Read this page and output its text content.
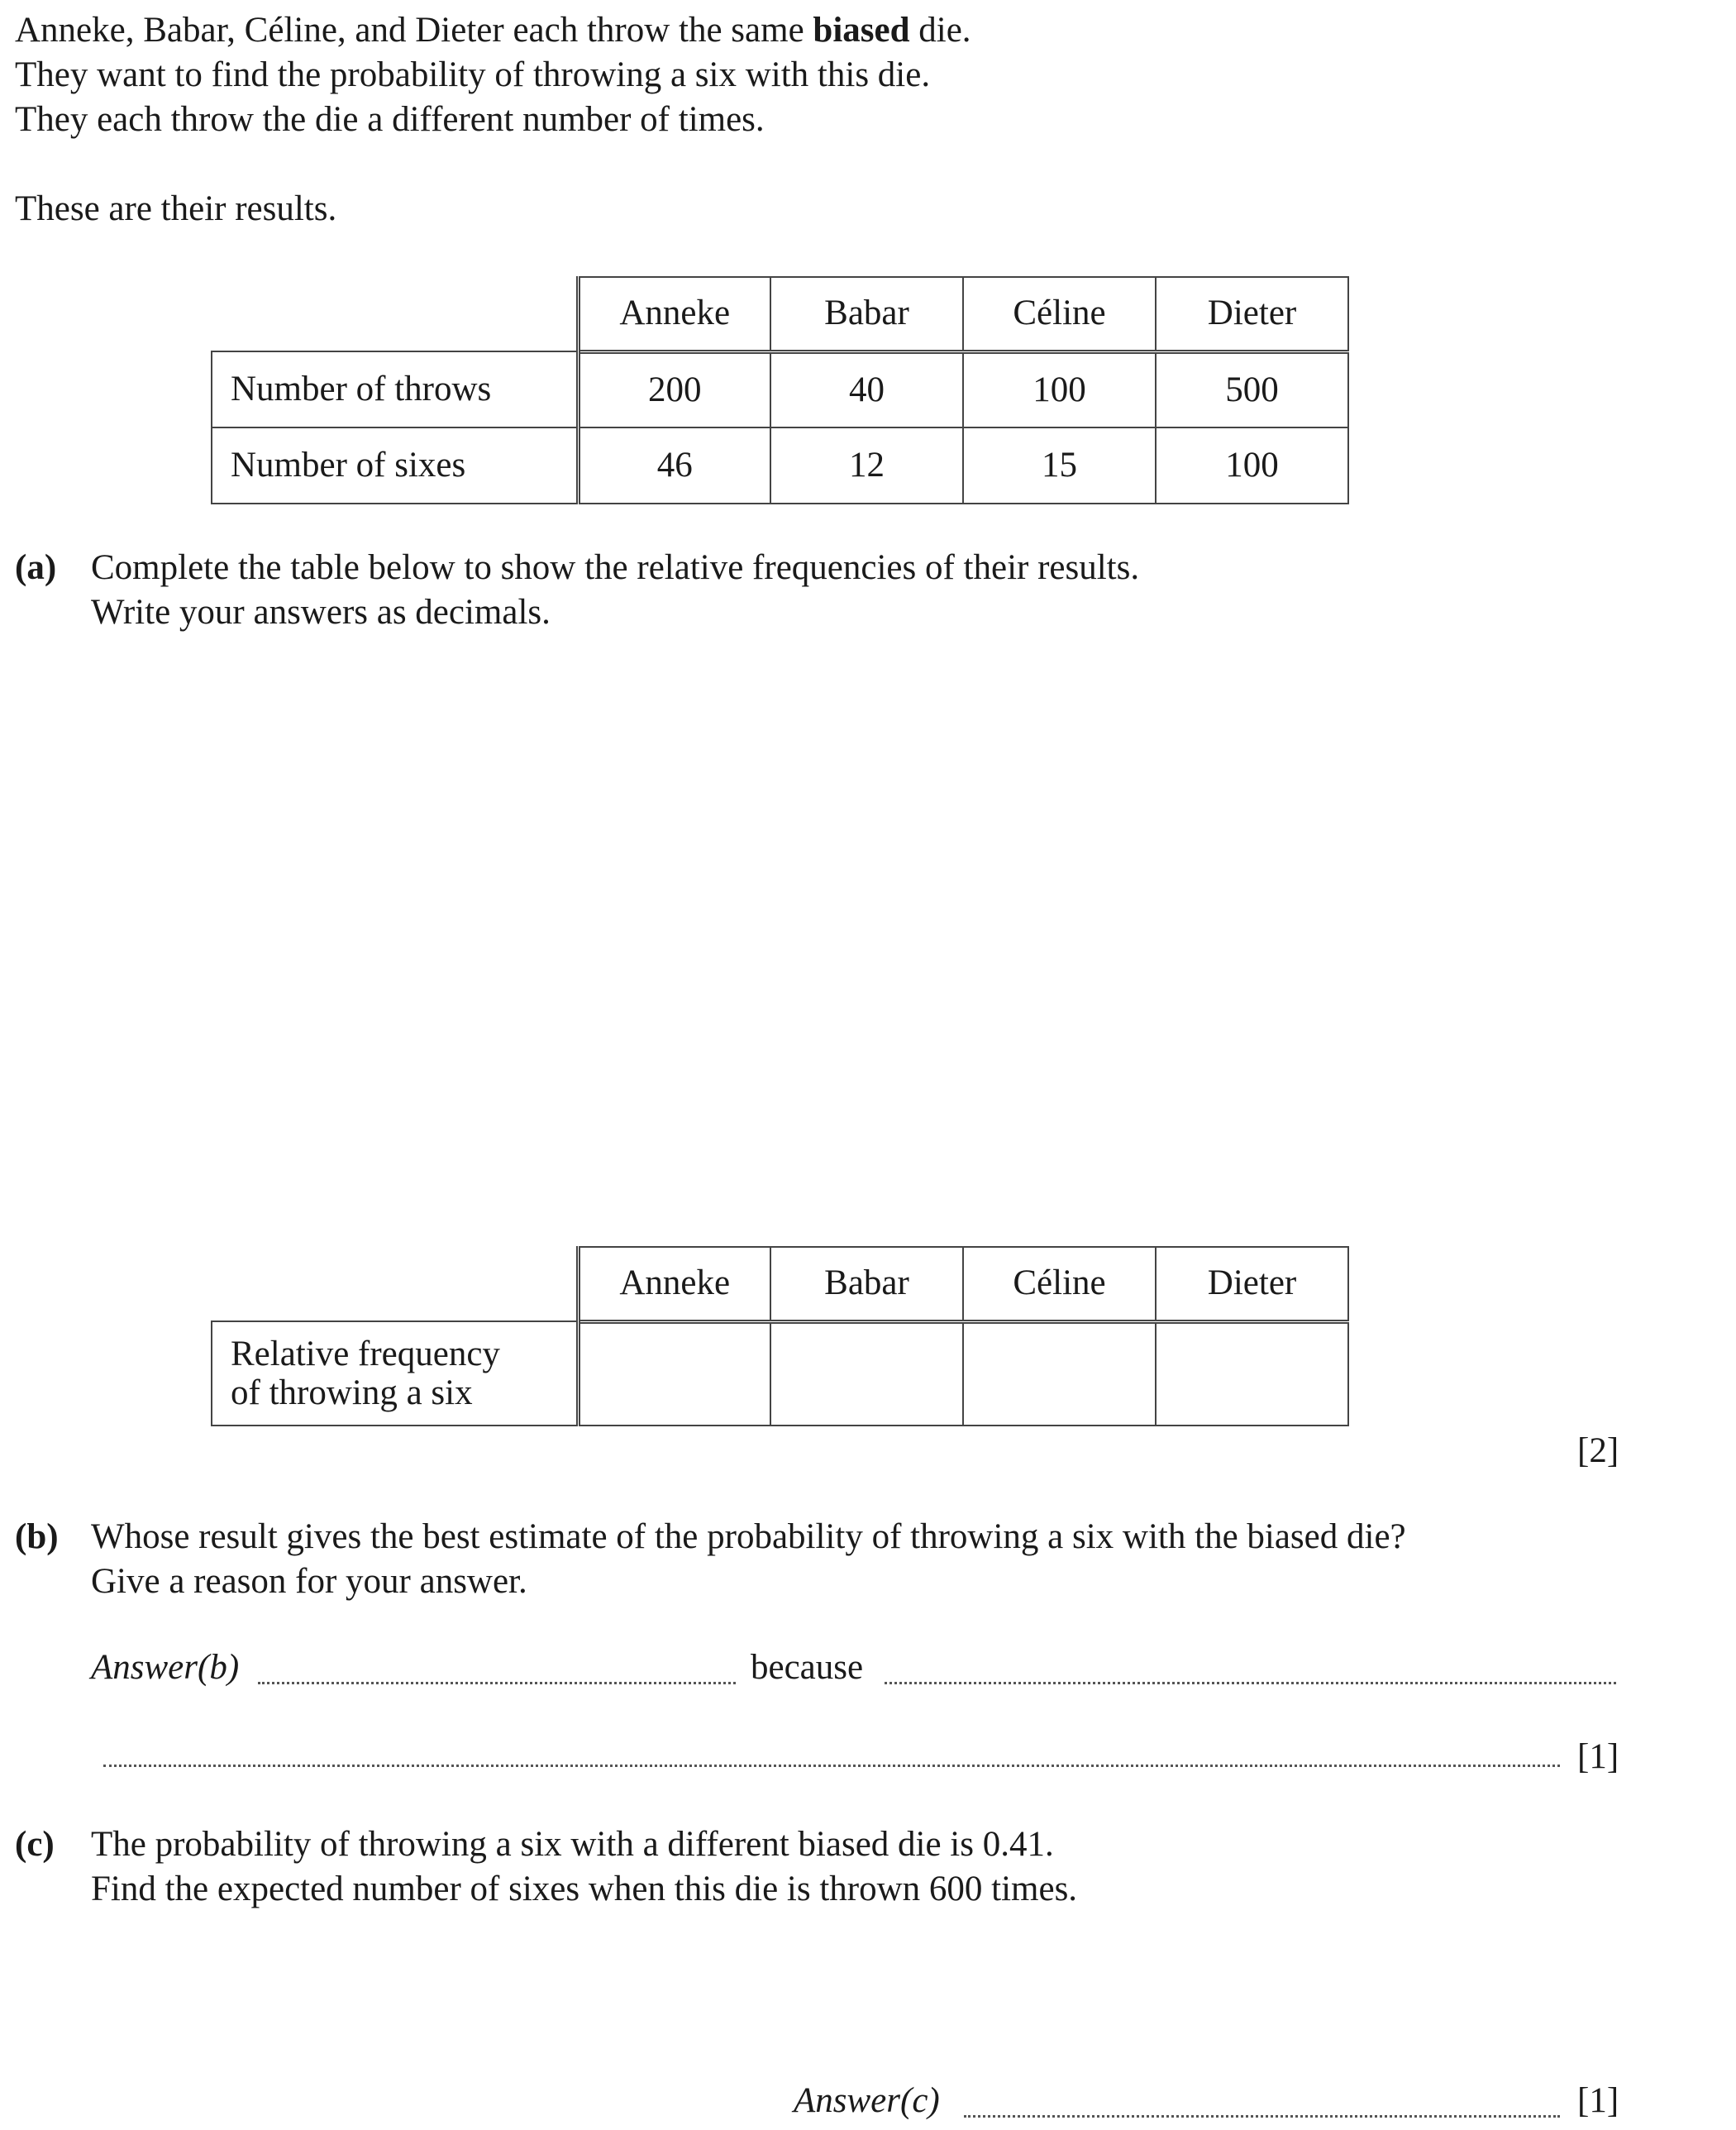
Anneke, Babar, Céline, and Dieter each throw the same biased die.
They want to find the probability of throwing a six with this die.
They each throw the die a different number of times.
These are their results.
	Anneke	Babar	Céline	Dieter
Number of throws	200	40	100	500
Number of sixes	46	12	15	100
(a) Complete the table below to show the relative frequencies of their results.
Write your answers as decimals.
	Anneke	Babar	Céline	Dieter

Relative frequency
of throwing a six				

[2]
(b) Whose result gives the best estimate of the probability of throwing a six with the biased die?
Give a reason for your answer.
Answer(b)	because
[1]
(c) The probability of throwing a six with a different biased die is 0.41.
Find the expected number of sixes when this die is thrown 600 times.
Answer(c)	[1]
